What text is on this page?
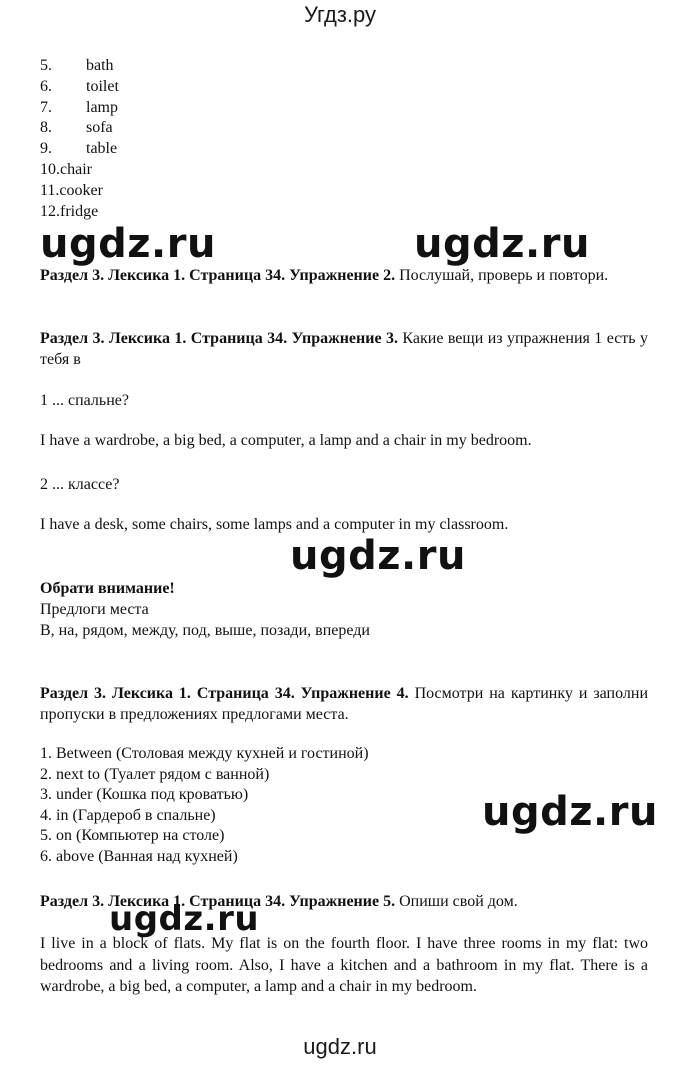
Угдз.ру
5. bath
6. toilet
7. lamp
8. sofa
9. table
10.chair
11.cooker
12.fridge
ugdz.ru	ugdz.ru
ugdz.ru
ugdz.ru
ugdz.ru
Раздел 3. Лексика 1. Страница 34. Упражнение 2. Послушай, проверь и повтори.
Раздел 3. Лексика 1. Страница 34. Упражнение 3. Какие вещи из упражнения 1 есть у тебя в
1 ... спальне?
I have a wardrobe, a big bed, a computer, a lamp and a chair in my bedroom.
2 ... классе?
I have a desk, some chairs, some lamps and a computer in my classroom.
Обрати внимание!
Предлоги места
В, на, рядом, между, под, выше, позади, впереди
Раздел 3. Лексика 1. Страница 34. Упражнение 4. Посмотри на картинку и заполни пропуски в предложениях предлогами места.
1. Between (Столовая между кухней и гостиной)
2. next to (Туалет рядом с ванной)
3. under (Кошка под кроватью)
4. in (Гардероб в спальне)
5. on (Компьютер на столе)
6. above (Ванная над кухней)
Раздел 3. Лексика 1. Страница 34. Упражнение 5. Опиши свой дом.
I live in a block of flats. My flat is on the fourth floor. I have three rooms in my flat: two bedrooms and a living room. Also, I have a kitchen and a bathroom in my flat. There is a wardrobe, a big bed, a computer, a lamp and a chair in my bedroom.
ugdz.ru
